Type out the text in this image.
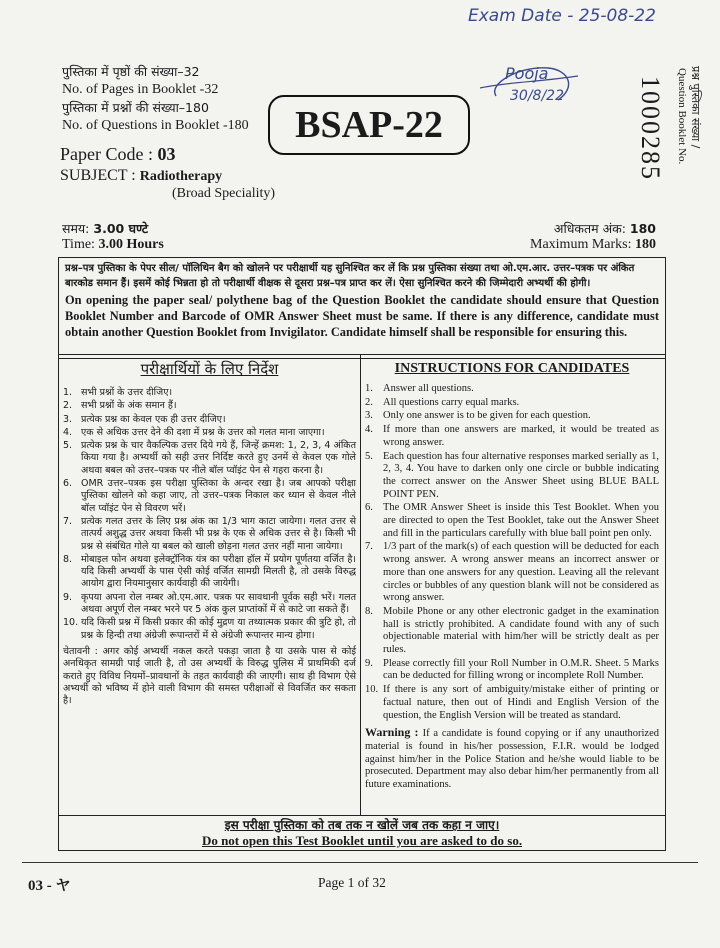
Exam Date - 25-08-22
Pooja
30/8/22
पुस्तिका में पृष्ठों की संख्या–32
No. of Pages in Booklet -32
पुस्तिका में प्रश्नों की संख्या–180
No. of Questions in Booklet -180	BSAP-22	प्रश्न पुस्तिका संख्या /
Question Booklet No.
1000285
Paper Code : 03
SUBJECT : Radiotherapy
(Broad Speciality)
समय: 3.00 घण्टे
Time: 3.00 Hours
अधिकतम अंक: 180
Maximum Marks: 180
प्रश्न–पत्र पुस्तिका के पेपर सील/ पॉलिथिन बैग को खोलने पर परीक्षार्थी यह सुनिश्चित कर लें कि प्रश्न पुस्तिका संख्या तथा ओ.एम.आर. उत्तर–पत्रक पर अंकित बारकोड समान हैं। इसमें कोई भिन्नता हो तो परीक्षार्थी वीक्षक से दूसरा प्रश्न–पत्र प्राप्त कर लें। ऐसा सुनिश्चित करने की जिम्मेदारी अभ्यर्थी की होगी।
On opening the paper seal/ polythene bag of the Question Booklet the candidate should ensure that Question Booklet Number and Barcode of OMR Answer Sheet must be same. If there is any difference, candidate must obtain another Question Booklet from Invigilator. Candidate himself shall be responsible for ensuring this.
परीक्षार्थियों के लिए निर्देश
1. सभी प्रश्नों के उत्तर दीजिए।
2. सभी प्रश्नों के अंक समान हैं।
3. प्रत्येक प्रश्न का केवल एक ही उत्तर दीजिए।
4. एक से अधिक उत्तर देने की दशा में प्रश्न के उत्तर को गलत माना जाएगा।
5. प्रत्येक प्रश्न के चार वैकल्पिक उत्तर दिये गये हैं, जिन्हें क्रमश: 1, 2, 3, 4 अंकित किया गया है। अभ्यर्थी को सही उत्तर निर्दिष्ट करते हुए उनमें से केवल एक गोले अथवा बबल को उत्तर–पत्रक पर नीले बॉल प्वॉइंट पेन से गहरा करना है।
6. OMR उत्तर–पत्रक इस परीक्षा पुस्तिका के अन्दर रखा है। जब आपको परीक्षा पुस्तिका खोलने को कहा जाए, तो उत्तर–पत्रक निकाल कर ध्यान से केवल नीले बॉल प्वॉइंट पेन से विवरण भरें।
7. प्रत्येक गलत उत्तर के लिए प्रश्न अंक का 1/3 भाग काटा जायेगा। गलत उत्तर से तात्पर्य अशुद्ध उत्तर अथवा किसी भी प्रश्न के एक से अधिक उत्तर से है। किसी भी प्रश्न से संबंधित गोले या बबल को खाली छोड़ना गलत उत्तर नहीं माना जायेगा।
8. मोबाइल फोन अथवा इलेक्ट्रॉनिक यंत्र का परीक्षा हॉल में प्रयोग पूर्णतया वर्जित है। यदि किसी अभ्यर्थी के पास ऐसी कोई वर्जित सामग्री मिलती है, तो उसके विरुद्ध आयोग द्वारा नियमानुसार कार्यवाही की जायेगी।
9. कृपया अपना रोल नम्बर ओ.एम.आर. पत्रक पर सावधानी पूर्वक सही भरें। गलत अथवा अपूर्ण रोल नम्बर भरने पर 5 अंक कुल प्राप्तांकों में से काटे जा सकते हैं।
10. यदि किसी प्रश्न में किसी प्रकार की कोई मुद्रण या तथ्यात्मक प्रकार की त्रुटि हो, तो प्रश्न के हिन्दी तथा अंग्रेजी रूपान्तरों में से अंग्रेजी रूपान्तर मान्य होगा।
चेतावनी : अगर कोई अभ्यर्थी नकल करते पकड़ा जाता है या उसके पास से कोई अनधिकृत सामग्री पाई जाती है, तो उस अभ्यर्थी के विरुद्ध पुलिस में प्राथमिकी दर्ज कराते हुए विविध नियमों–प्रावधानों के तहत कार्यवाही की जाएगी। साथ ही विभाग ऐसे अभ्यर्थी को भविष्य में होने वाली विभाग की समस्त परीक्षाओं से विवर्जित कर सकता है।
INSTRUCTIONS FOR CANDIDATES
1. Answer all questions.
2. All questions carry equal marks.
3. Only one answer is to be given for each question.
4. If more than one answers are marked, it would be treated as wrong answer.
5. Each question has four alternative responses marked serially as 1, 2, 3, 4. You have to darken only one circle or bubble indicating the correct answer on the Answer Sheet using BLUE BALL POINT PEN.
6. The OMR Answer Sheet is inside this Test Booklet. When you are directed to open the Test Booklet, take out the Answer Sheet and fill in the particulars carefully with blue ball point pen only.
7. 1/3 part of the mark(s) of each question will be deducted for each wrong answer. A wrong answer means an incorrect answer or more than one answers for any question. Leaving all the relevant circles or bubbles of any question blank will not be considered as wrong answer.
8. Mobile Phone or any other electronic gadget in the examination hall is strictly prohibited. A candidate found with any of such objectionable material with him/her will be strictly dealt as per rules.
9. Please correctly fill your Roll Number in O.M.R. Sheet. 5 Marks can be deducted for filling wrong or incomplete Roll Number.
10. If there is any sort of ambiguity/mistake either of printing or factual nature, then out of Hindi and English Version of the question, the English Version will be treated as standard.
Warning : If a candidate is found copying or if any unauthorized material is found in his/her possession, F.I.R. would be lodged against him/her in the Police Station and he/she would liable to be prosecuted. Department may also debar him/her permanently from all future examinations.
इस परीक्षा पुस्तिका को तब तक न खोलें जब तक कहा न जाए।
Do not open this Test Booklet until you are asked to do so.
03 - ヤ	Page 1 of 32
